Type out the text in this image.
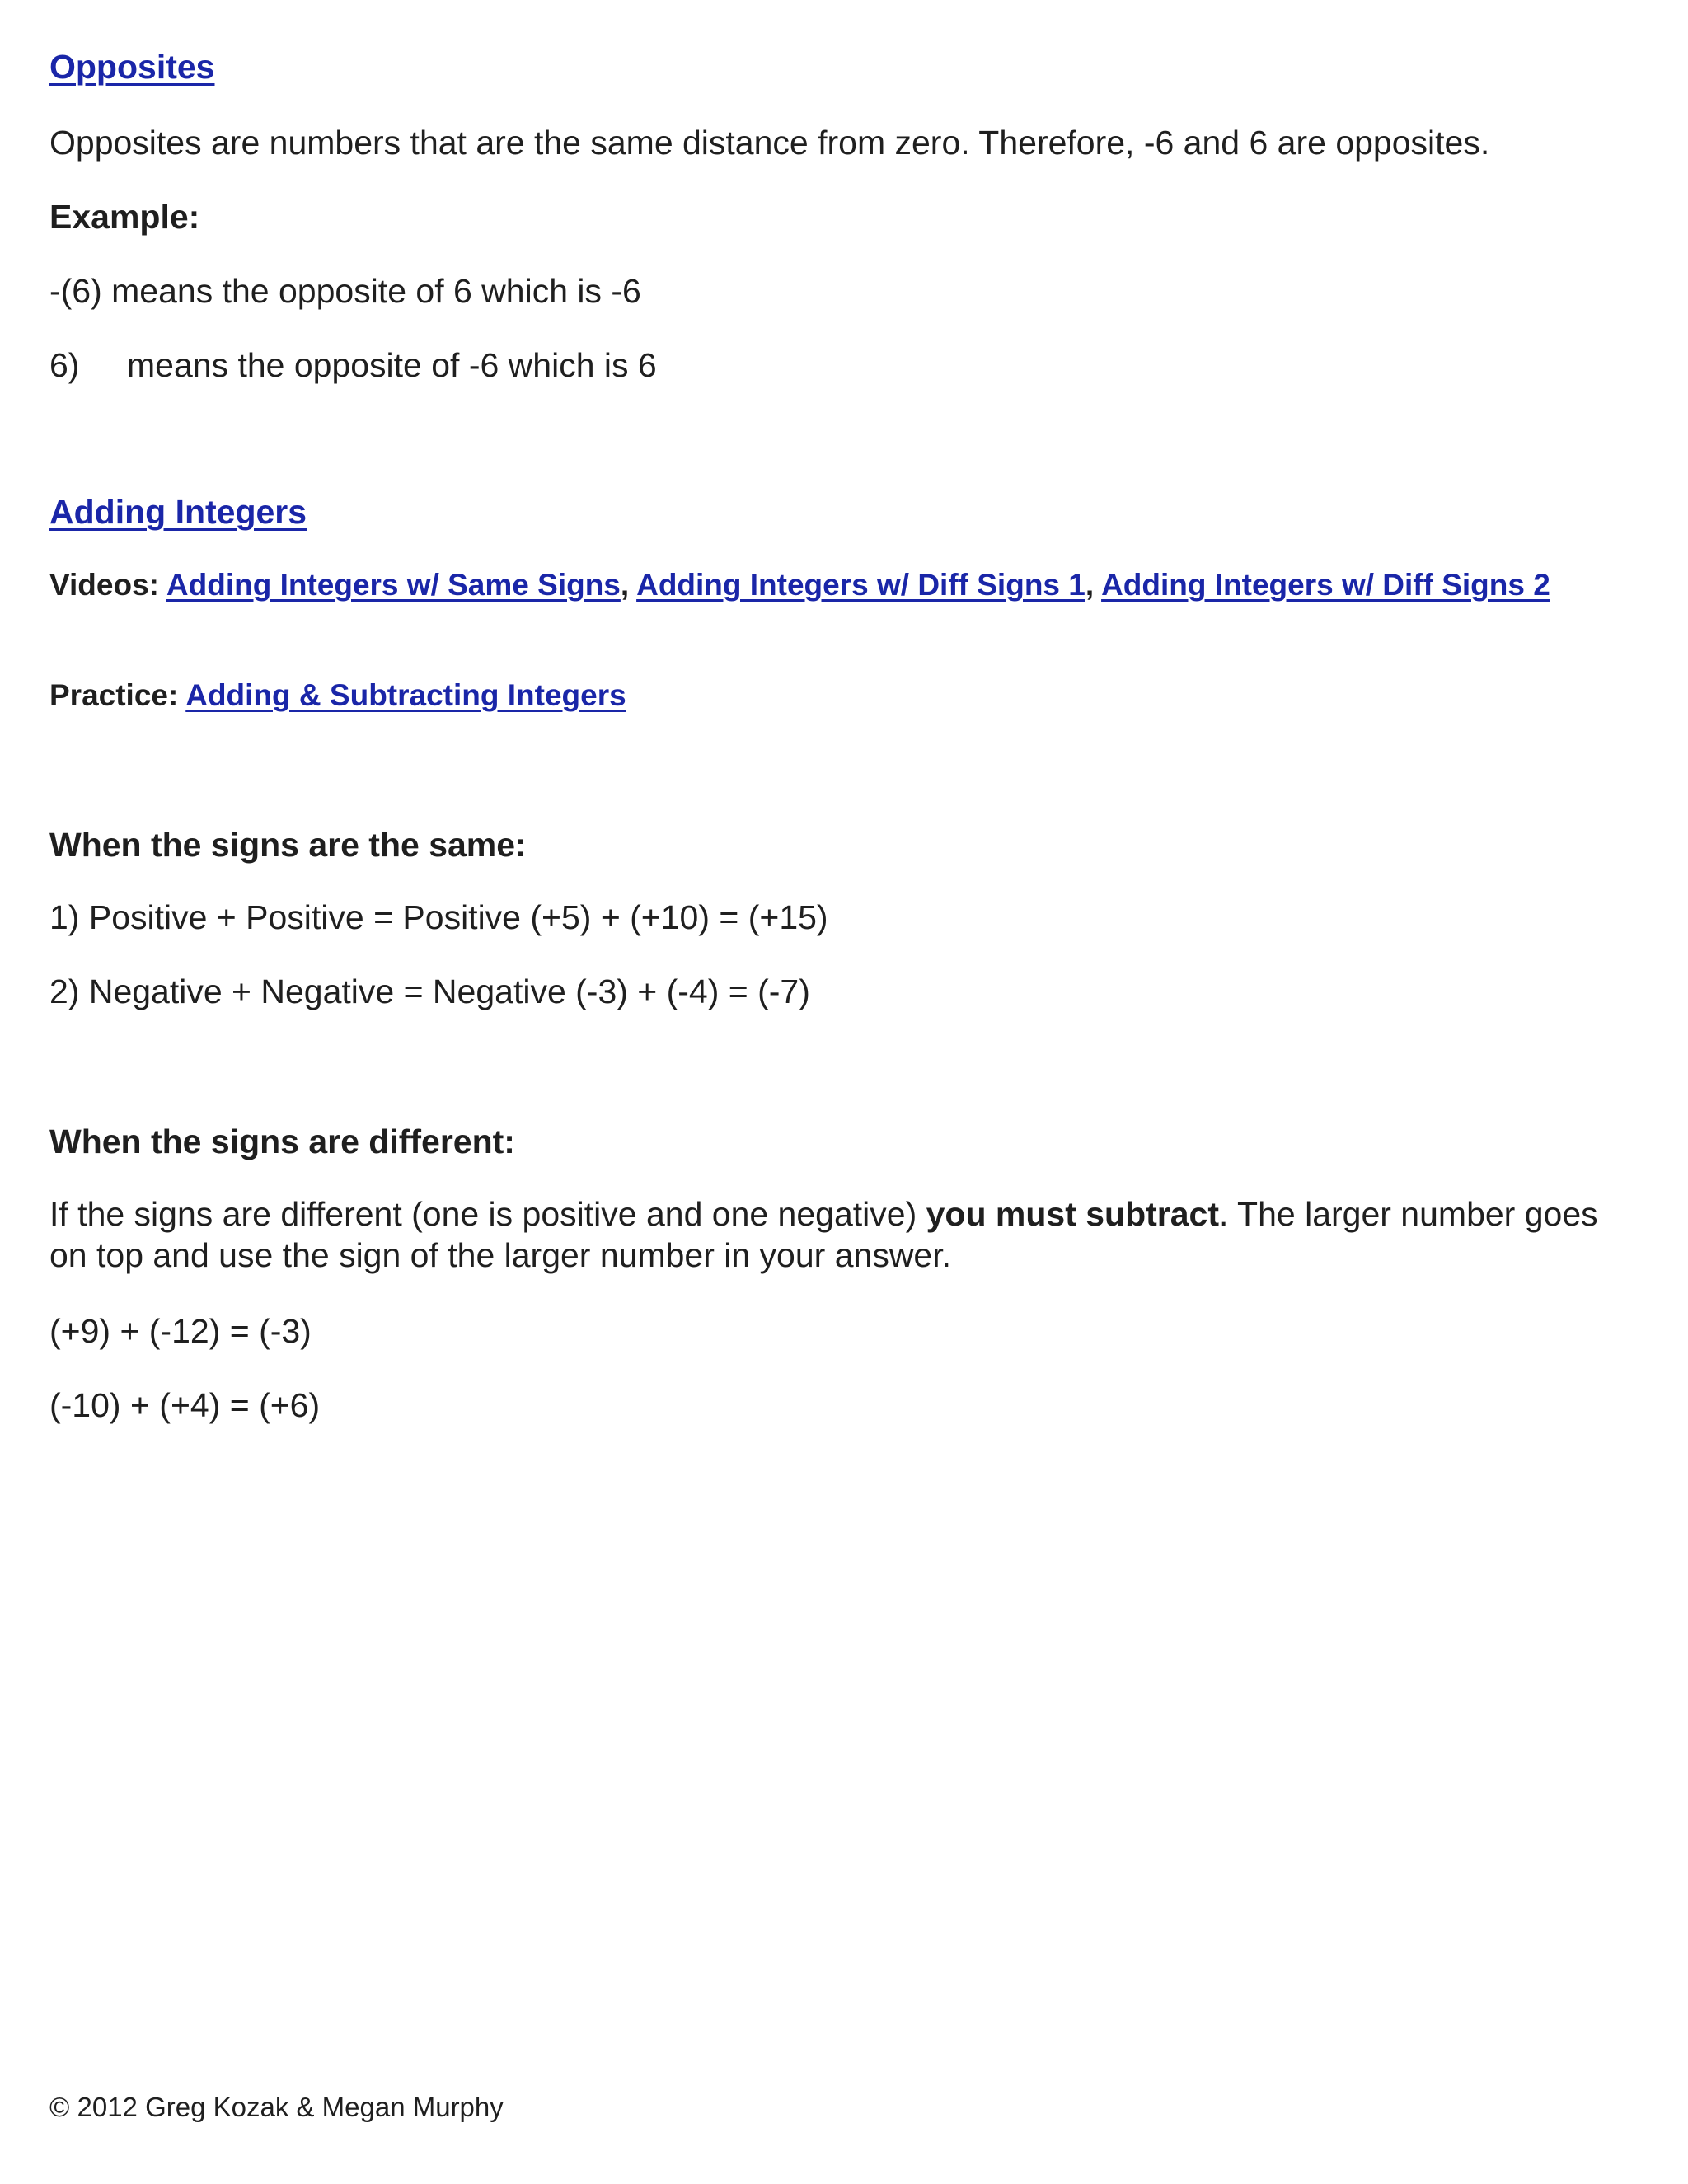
Opposites

Opposites are numbers that are the same distance from zero. Therefore, -6 and 6 are opposites.

Example:

-(6) means the opposite of 6 which is -6

6) means the opposite of -6 which is 6

Adding Integers

Videos: Adding Integers w/ Same Signs, Adding Integers w/ Diff Signs 1, Adding Integers w/ Diff Signs 2

Practice: Adding & Subtracting Integers

When the signs are the same:

1) Positive + Positive = Positive (+5) + (+10) = (+15)

2) Negative + Negative = Negative (-3) + (-4) = (-7)

When the signs are different:

If the signs are different (one is positive and one negative) you must subtract. The larger number goes on top and use the sign of the larger number in your answer.

(+9) + (-12) = (-3)

(-10) + (+4) = (+6)

© 2012 Greg Kozak & Megan Murphy
